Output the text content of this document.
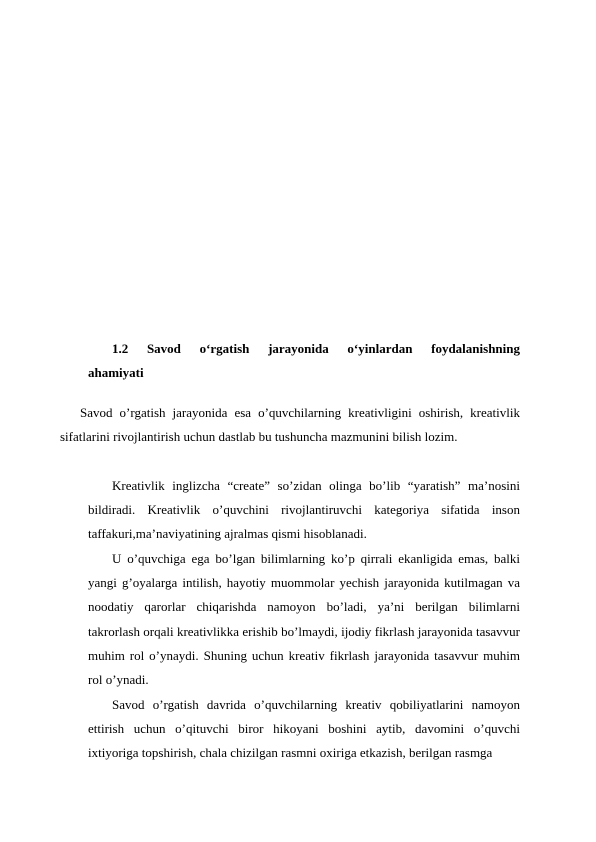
1.2 Savod o‘rgatish jarayonida o‘yinlardan foydalanishning

ahamiyati

Savod o’rgatish jarayonida esa o’quvchilarning kreativligini oshirish, kreativlik sifatlarini rivojlantirish uchun dastlab bu tushuncha mazmunini bilish lozim.

Kreativlik inglizcha “create” so’zidan olinga bo’lib “yaratish” ma’nosini bildiradi. Kreativlik o’quvchini rivojlantiruvchi kategoriya sifatida inson taffakuri,ma’naviyatining ajralmas qismi hisoblanadi.

U o’quvchiga ega bo’lgan bilimlarning ko’p qirrali ekanligida emas, balki yangi g’oyalarga intilish, hayotiy muommolar yechish jarayonida kutilmagan va noodatiy qarorlar chiqarishda namoyon bo’ladi, ya’ni berilgan bilimlarni takrorlash orqali kreativlikka erishib bo’lmaydi, ijodiy fikrlash jarayonida tasavvur muhim rol o’ynaydi. Shuning uchun kreativ fikrlash jarayonida tasavvur muhim rol o’ynadi.

Savod o’rgatish davrida o’quvchilarning kreativ qobiliyatlarini namoyon ettirish uchun o’qituvchi biror hikoyani boshini aytib, davomini o’quvchi ixtiyoriga topshirish, chala chizilgan rasmni oxiriga etkazish, berilgan rasmga
